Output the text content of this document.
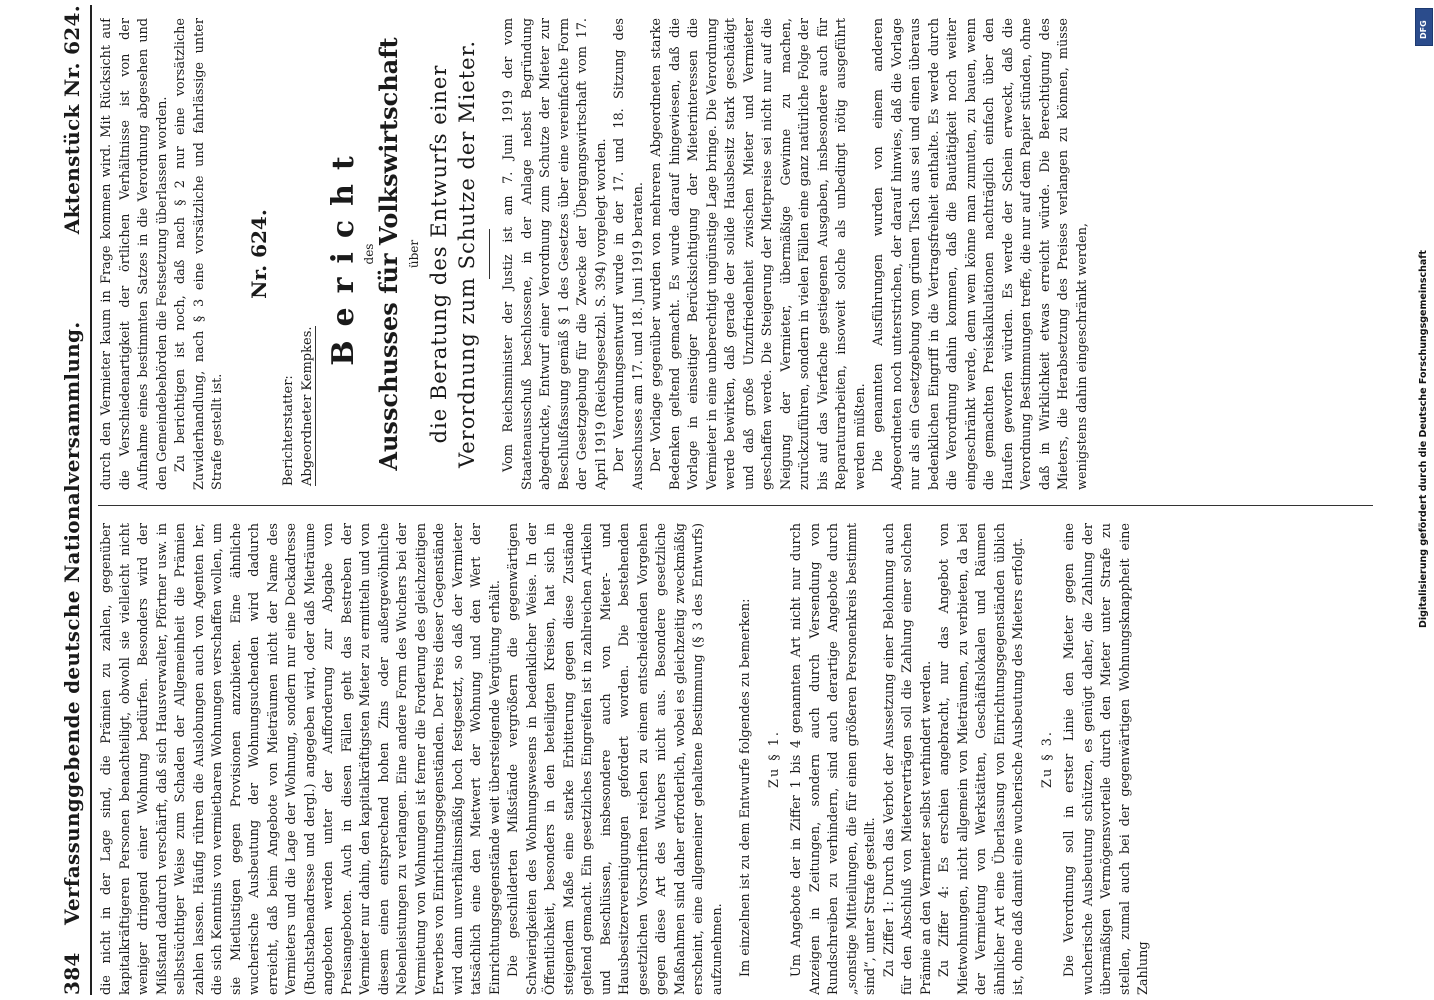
384
Verfassunggebende deutsche Nationalversammlung.
Aktenstück Nr. 624.

die nicht in der Lage sind, die Prämien zu zahlen, gegenüber kapitalkräftigeren Personen benachteiligt, obwohl sie vielleicht nicht weniger dringend einer Wohnung bedürfen. Besonders wird der Mißstand dadurch verschärft, daß sich Hausverwalter, Pförtner usw. in selbstsüchtiger Weise zum Schaden der Allgemeinheit die Prämien zahlen lassen. Häufig rühren die Auslobungen auch von Agenten her, die sich Kenntnis von vermietbaren Wohnungen verschaffen wollen, um sie Mietlustigen gegen Provisionen anzubieten. Eine ähnliche wucherische Ausbeutung der Wohnungsuchenden wird dadurch erreicht, daß beim Angebote von Mieträumen nicht der Name des Vermieters und die Lage der Wohnung, sondern nur eine Deckadresse (Buchstabenadresse und dergl.) angegeben wird, oder daß Mieträume angeboten werden unter der Aufforderung zur Abgabe von Preisangeboten. Auch in diesen Fällen geht das Bestreben der Vermieter nur dahin, den kapitalkräftigsten Mieter zu ermitteln und von diesem einen entsprechend hohen Zins oder außergewöhnliche Nebenleistungen zu verlangen. Eine andere Form des Wuchers bei der Vermietung von Wohnungen ist ferner die Forderung des gleichzeitigen Erwerbes von Einrichtungsgegenständen. Der Preis dieser Gegenstände wird dann unverhältnismäßig hoch festgesetzt, so daß der Vermieter tatsächlich eine den Mietwert der Wohnung und den Wert der Einrichtungsgegenstände weit übersteigende Vergütung erhält. Die geschilderten Mißstände vergrößern die gegenwärtigen Schwierigkeiten des Wohnungswesens in bedenklicher Weise. In der Öffentlichkeit, besonders in den beteiligten Kreisen, hat sich in steigendem Maße eine starke Erbitterung gegen diese Zustände geltend gemacht. Ein gesetzliches Eingreifen ist in zahlreichen Artikeln und Beschlüssen, insbesondere auch von Mieter- und Hausbesitzervereinigungen gefordert worden. Die bestehenden gesetzlichen Vorschriften reichen zu einem entscheidenden Vorgehen gegen diese Art des Wuchers nicht aus. Besondere gesetzliche Maßnahmen sind daher erforderlich, wobei es gleichzeitig zweckmäßig erscheint, eine allgemeiner gehaltene Bestimmung (§ 3 des Entwurfs) aufzunehmen. Im einzelnen ist zu dem Entwurfe folgendes zu bemerken: Zu § 1. Um Angebote der in Ziffer 1 bis 4 genannten Art nicht nur durch Anzeigen in Zeitungen, sondern auch durch Versendung von Rundschreiben zu verhindern, sind auch derartige Angebote durch „sonstige Mitteilungen, die für einen größeren Personenkreis bestimmt sind“, unter Strafe gestellt. Zu Ziffer 1: Durch das Verbot der Aussetzung einer Belohnung auch für den Abschluß von Mieterverträgen soll die Zahlung einer solchen Prämie an den Vermieter selbst verhindert werden. Zu Ziffer 4: Es erschien angebracht, nur das Angebot von Mietwohnungen, nicht allgemein von Mieträumen, zu verbieten, da bei der Vermietung von Werkstätten, Geschäftslokalen und Räumen ähnlicher Art eine Überlassung von Einrichtungsgegenständen üblich ist, ohne daß damit eine wucherische Ausbeutung des Mieters erfolgt. Zu § 3. Die Verordnung soll in erster Linie den Mieter gegen eine wucherische Ausbeutung schützen, es genügt daher, die Zahlung der übermäßigen Vermögensvorteile durch den Mieter unter Strafe zu stellen, zumal auch bei der gegenwärtigen Wohnungsknappheit eine Zahlung

durch den Vermieter kaum in Frage kommen wird. Mit Rücksicht auf die Verschiedenartigkeit der örtlichen Verhältnisse ist von der Aufnahme eines bestimmten Satzes in die Verordnung abgesehen und den Gemeindebehörden die Festsetzung überlassen worden. Zu berichtigen ist noch, daß nach § 2 nur eine vorsätzliche Zuwiderhandlung, nach § 3 eine vorsätzliche und fahrlässige unter Strafe gestellt ist.

Nr. 624.

Berichterstatter: Abgeordneter Kempkes.

Bericht des

Ausschusses für Volkswirtschaft über die Beratung des Entwurfs einer Verordnung zum Schutze der Mieter. Vom Reichsminister der Justiz ist am 7. Juni 1919 der vom Staatenausschuß beschlossene, in der Anlage nebst Begründung abgedruckte, Entwurf einer Verordnung zum Schutze der Mieter zur Beschlußfassung gemäß § 1 des Gesetzes über eine vereinfachte Form der Gesetzgebung für die Zwecke der Übergangswirtschaft vom 17. April 1919 (Reichsgesetzbl. S. 394) vorgelegt worden. Der Verordnungsentwurf wurde in der 17. und 18. Sitzung des Ausschusses am 17. und 18. Juni 1919 beraten. Der Vorlage gegenüber wurden von mehreren Abgeordneten starke Bedenken geltend gemacht. Es wurde darauf hingewiesen, daß die Vorlage in einseitiger Berücksichtigung der Mieterinteressen die Vermieter in eine unberechtigt ungünstige Lage bringe. Die Verordnung werde bewirken, daß gerade der solide Hausbesitz stark geschädigt und daß große Unzufriedenheit zwischen Mieter und Vermieter geschaffen werde. Die Steigerung der Mietpreise sei nicht nur auf die Neigung der Vermieter, übermäßige Gewinne zu machen, zurückzuführen, sondern in vielen Fällen eine ganz natürliche Folge der bis auf das Vierfache gestiegenen Ausgaben, insbesondere auch für Reparaturarbeiten, insoweit solche als unbedingt nötig ausgeführt werden müßten. Die genannten Ausführungen wurden von einem anderen Abgeordneten noch unterstrichen, der darauf hinwies, daß die Vorlage nur als ein Gesetzgebung vom grünen Tisch aus sei und einen überaus bedenklichen Eingriff in die Vertragsfreiheit enthalte. Es werde durch die Verordnung dahin kommen, daß die Bautätigkeit noch weiter eingeschränkt werde, denn wem könne man zumuten, zu bauen, wenn die gemachten Preiskalkulationen nachträglich einfach über den Haufen geworfen würden. Es werde der Schein erweckt, daß die Verordnung Bestimmungen treffe, die nur auf dem Papier stünden, ohne daß in Wirklichkeit etwas erreicht würde. Die Berechtigung des Mieters, die Herabsetzung des Preises verlangen zu können, müsse wenigstens dahin eingeschränkt werden,	Digitalisierung gefördert durch die Deutsche Forschungsgemeinschaft
DFG
